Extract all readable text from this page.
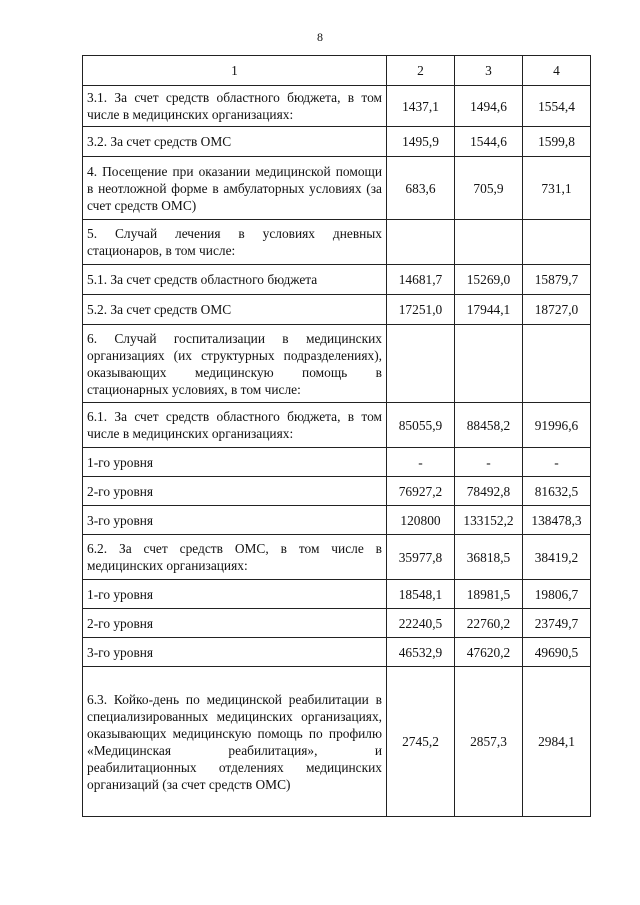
8
1	2	3	4
3.1. За счет средств областного бюджета, в том числе в медицинских организациях:	1437,1	1494,6	1554,4
3.2. За счет средств ОМС	1495,9	1544,6	1599,8
4. Посещение при оказании медицинской помощи в неотложной форме в амбулаторных условиях (за счет средств ОМС)	683,6	705,9	731,1
5. Случай лечения в условиях дневных стационаров, в том числе:			
5.1. За счет средств областного бюджета	14681,7	15269,0	15879,7
5.2. За счет средств ОМС	17251,0	17944,1	18727,0
6. Случай госпитализации в медицинских организациях (их структурных подразделениях), оказывающих медицинскую помощь в стационарных условиях, в том числе:			
6.1. За счет средств областного бюджета, в том числе в медицинских организациях:	85055,9	88458,2	91996,6
1-го уровня	-	-	-
2-го уровня	76927,2	78492,8	81632,5
3-го уровня	120800	133152,2	138478,3
6.2. За счет средств ОМС, в том числе в медицинских организациях:	35977,8	36818,5	38419,2
1-го уровня	18548,1	18981,5	19806,7
2-го уровня	22240,5	22760,2	23749,7
3-го уровня	46532,9	47620,2	49690,5
6.3. Койко-день по медицинской реабилитации в специализированных медицинских организациях, оказывающих медицинскую помощь по профилю «Медицинская реабилитация», и реабилитационных отделениях медицинских организаций (за счет средств ОМС)	2745,2	2857,3	2984,1
